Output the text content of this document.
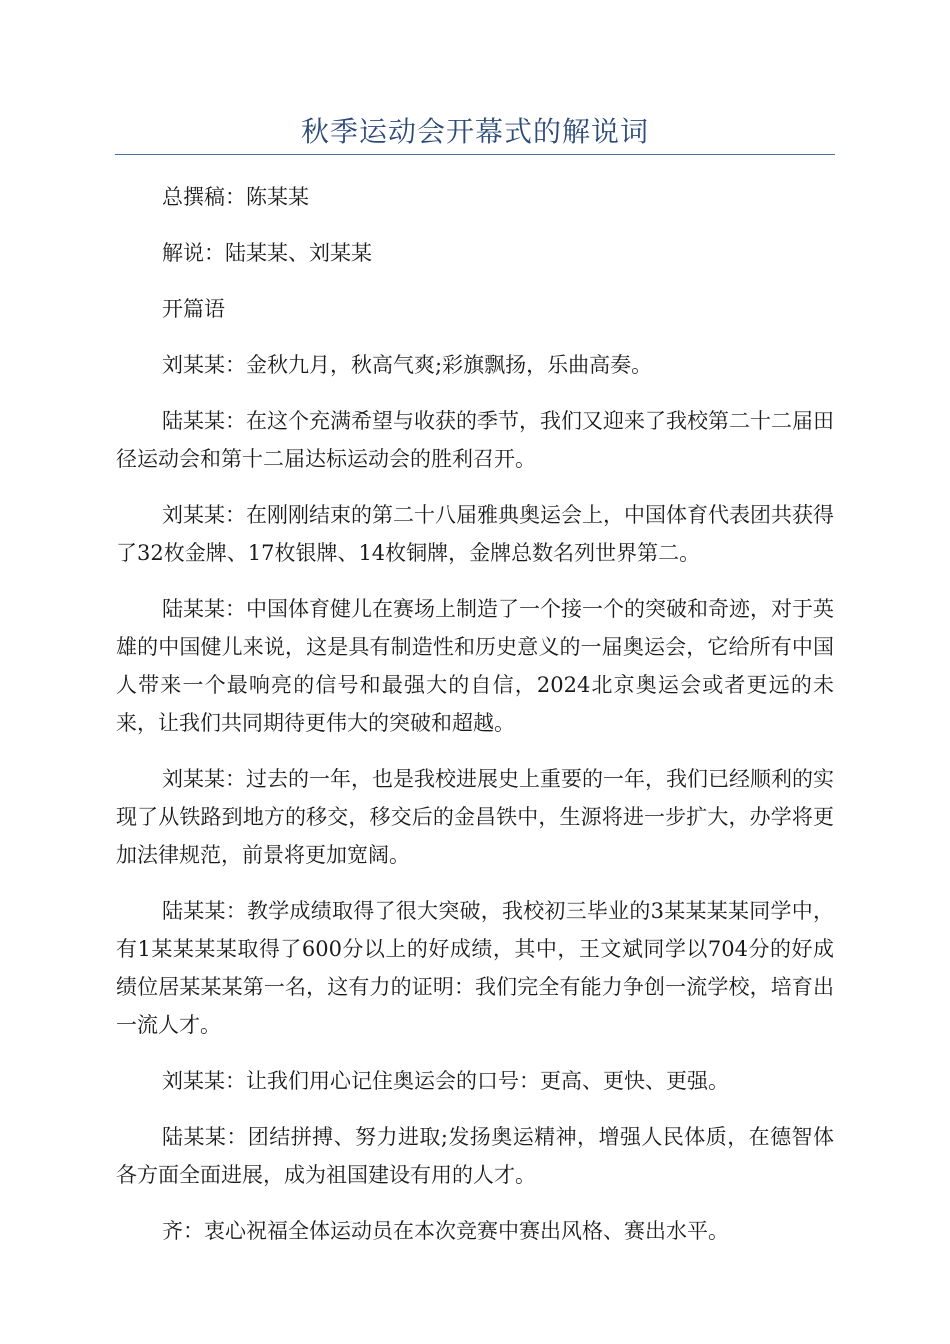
秋季运动会开幕式的解说词

总撰稿：陈某某

解说：陆某某、刘某某

开篇语

刘某某：金秋九月，秋高气爽;彩旗飘扬，乐曲高奏。

陆某某：在这个充满希望与收获的季节，我们又迎来了我校第二十二届田径运动会和第十二届达标运动会的胜利召开。

刘某某：在刚刚结束的第二十八届雅典奥运会上，中国体育代表团共获得了32枚金牌、17枚银牌、14枚铜牌，金牌总数名列世界第二。

陆某某：中国体育健儿在赛场上制造了一个接一个的突破和奇迹，对于英雄的中国健儿来说，这是具有制造性和历史意义的一届奥运会，它给所有中国人带来一个最响亮的信号和最强大的自信，2024北京奥运会或者更远的未来，让我们共同期待更伟大的突破和超越。

刘某某：过去的一年，也是我校进展史上重要的一年，我们已经顺利的实现了从铁路到地方的移交，移交后的金昌铁中，生源将进一步扩大，办学将更加法律规范，前景将更加宽阔。

陆某某：教学成绩取得了很大突破，我校初三毕业的3某某某某同学中，有1某某某某取得了600分以上的好成绩，其中，王文斌同学以704分的好成绩位居某某某第一名，这有力的证明：我们完全有能力争创一流学校，培育出一流人才。

刘某某：让我们用心记住奥运会的口号：更高、更快、更强。

陆某某：团结拼搏、努力进取;发扬奥运精神，增强人民体质，在德智体各方面全面进展，成为祖国建设有用的人才。

齐：衷心祝福全体运动员在本次竞赛中赛出风格、赛出水平。
